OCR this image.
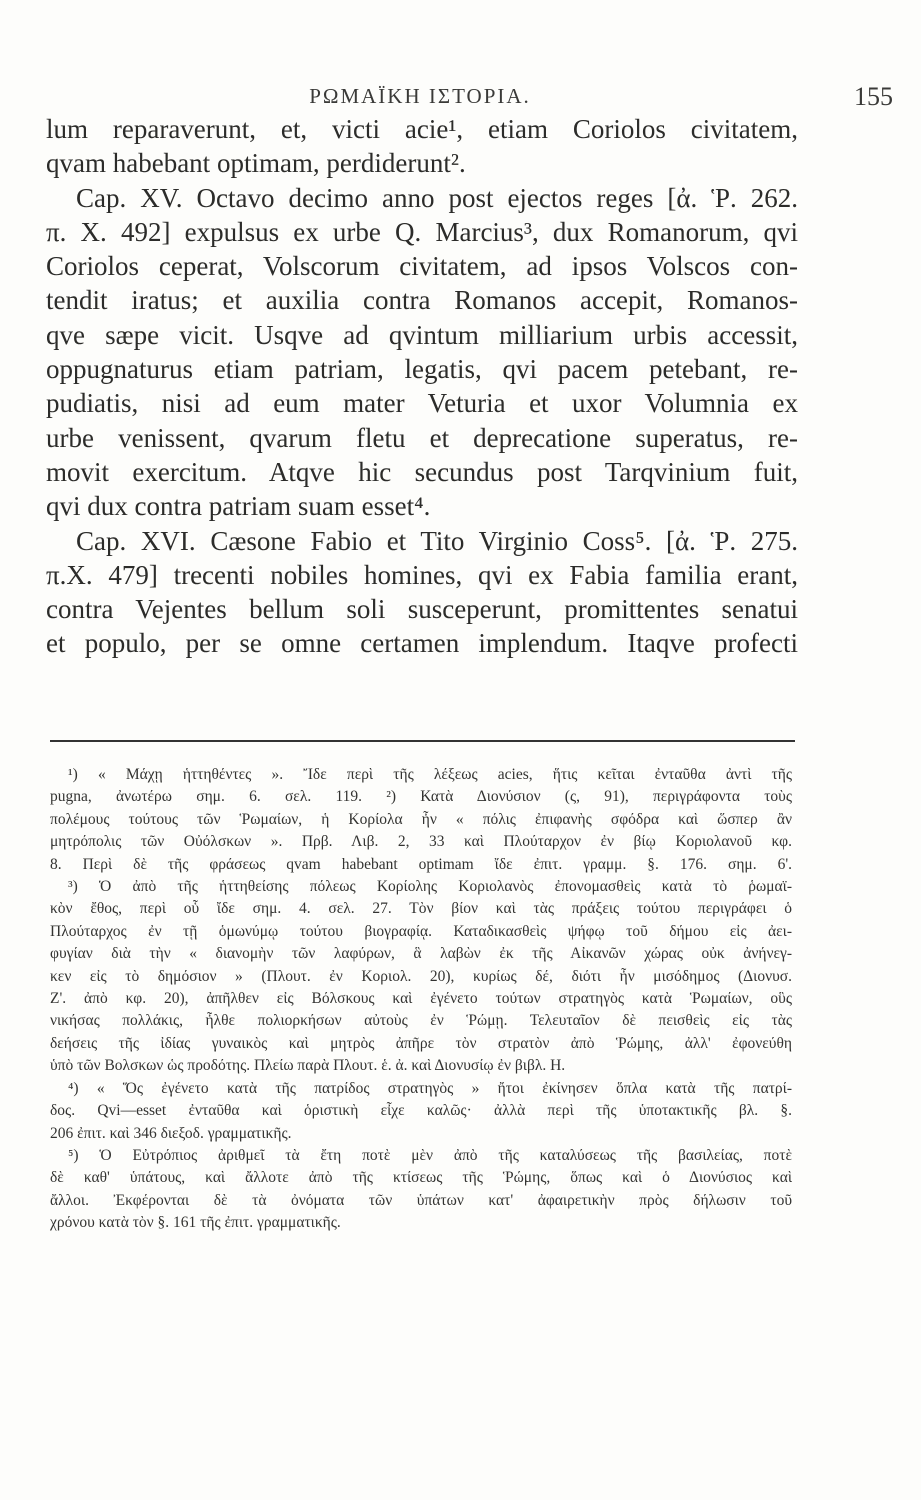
ΡΩΜΑΪΚΗ ΙΣΤΟΡΙΑ.	155
lum reparaverunt, et, victi acie¹, etiam Coriolos civitatem,
qvam habebant optimam, perdiderunt².
Cap. XV. Octavo decimo anno post ejectos reges [ἀ. Ῥ. 262.
π. X. 492] expulsus ex urbe Q. Marcius³, dux Romanorum, qvi
Coriolos ceperat, Volscorum civitatem, ad ipsos Volscos con-
tendit iratus; et auxilia contra Romanos accepit, Romanos-
qve sæpe vicit. Usqve ad qvintum milliarium urbis accessit,
oppugnaturus etiam patriam, legatis, qvi pacem petebant, re-
pudiatis, nisi ad eum mater Veturia et uxor Volumnia ex
urbe venissent, qvarum fletu et deprecatione superatus, re-
movit exercitum. Atqve hic secundus post Tarqvinium fuit,
qvi dux contra patriam suam esset⁴.
Cap. XVI. Cæsone Fabio et Tito Virginio Coss⁵. [ἀ. Ῥ. 275.
π.X. 479] trecenti nobiles homines, qvi ex Fabia familia erant,
contra Vejentes bellum soli susceperunt, promittentes senatui
et populo, per se omne certamen implendum. Itaqve profecti
¹) « Μάχῃ ἡττηθέντες ». Ἴδε περὶ τῆς λέξεως acies, ἥτις κεῖται ἐνταῦθα ἀντὶ τῆς
pugna, ἀνωτέρω σημ. 6. σελ. 119. ²) Κατὰ Διονύσιον (ς, 91), περιγράφοντα τοὺς
πολέμους τούτους τῶν Ῥωμαίων, ἡ Κορίολα ἦν « πόλις ἐπιφανὴς σφόδρα καὶ ὥσπερ ἂν
μητρόπολις τῶν Οὐόλσκων ». Πρβ. Λιβ. 2, 33 καὶ Πλούταρχον ἐν βίῳ Κοριολανοῦ κφ.
8. Περὶ δὲ τῆς φράσεως qvam habebant optimam ἴδε ἐπιτ. γραμμ. §. 176. σημ. 6'.
³) Ὁ ἀπὸ τῆς ἡττηθείσης πόλεως Κορίολης Κοριολανὸς ἐπονομασθεὶς κατὰ τὸ ῥωμαϊ-
κὸν ἔθος, περὶ οὗ ἴδε σημ. 4. σελ. 27. Τὸν βίον καὶ τὰς πράξεις τούτου περιγράφει ὁ
Πλούταρχος ἐν τῇ ὁμωνύμῳ τούτου βιογραφίᾳ. Καταδικασθεὶς ψήφῳ τοῦ δήμου εἰς ἀει-
φυγίαν διὰ τὴν « διανομὴν τῶν λαφύρων, ἃ λαβὼν ἐκ τῆς Αἰκανῶν χώρας οὐκ ἀνήνεγ-
κεν εἰς τὸ δημόσιον » (Πλουτ. ἐν Κοριολ. 20), κυρίως δέ, διότι ἦν μισόδημος (Διονυσ.
Ζ'. ἀπὸ κφ. 20), ἀπῆλθεν εἰς Βόλσκους καὶ ἐγένετο τούτων στρατηγὸς κατὰ Ῥωμαίων, οὓς
νικήσας πολλάκις, ἦλθε πολιορκήσων αὐτοὺς ἐν Ῥώμῃ. Τελευταῖον δὲ πεισθεὶς εἰς τὰς
δεήσεις τῆς ἰδίας γυναικὸς καὶ μητρὸς ἀπῆρε τὸν στρατὸν ἀπὸ Ῥώμης, ἀλλ' ἐφονεύθη
ὑπὸ τῶν Βολσκων ὡς προδότης. Πλείω παρὰ Πλουτ. ἑ. ἀ. καὶ Διονυσίῳ ἐν βιβλ. Η.
⁴) « Ὅς ἐγένετο κατὰ τῆς πατρίδος στρατηγὸς » ἤτοι ἐκίνησεν ὅπλα κατὰ τῆς πατρί-
δος. Qvi—esset ἐνταῦθα καὶ ὁριστικὴ εἶχε καλῶς· ἀλλὰ περὶ τῆς ὑποτακτικῆς βλ. §.
206 ἐπιτ. καὶ 346 διεξοδ. γραμματικῆς.
⁵) Ὁ Εὐτρόπιος ἀριθμεῖ τὰ ἔτη ποτὲ μὲν ἀπὸ τῆς καταλύσεως τῆς βασιλείας, ποτὲ
δὲ καθ' ὑπάτους, καὶ ἄλλοτε ἀπὸ τῆς κτίσεως τῆς Ῥώμης, ὅπως καὶ ὁ Διονύσιος καὶ
ἄλλοι. Ἐκφέρονται δὲ τὰ ὀνόματα τῶν ὑπάτων κατ' ἀφαιρετικὴν πρὸς δήλωσιν τοῦ
χρόνου κατὰ τὸν §. 161 τῆς ἐπιτ. γραμματικῆς.
